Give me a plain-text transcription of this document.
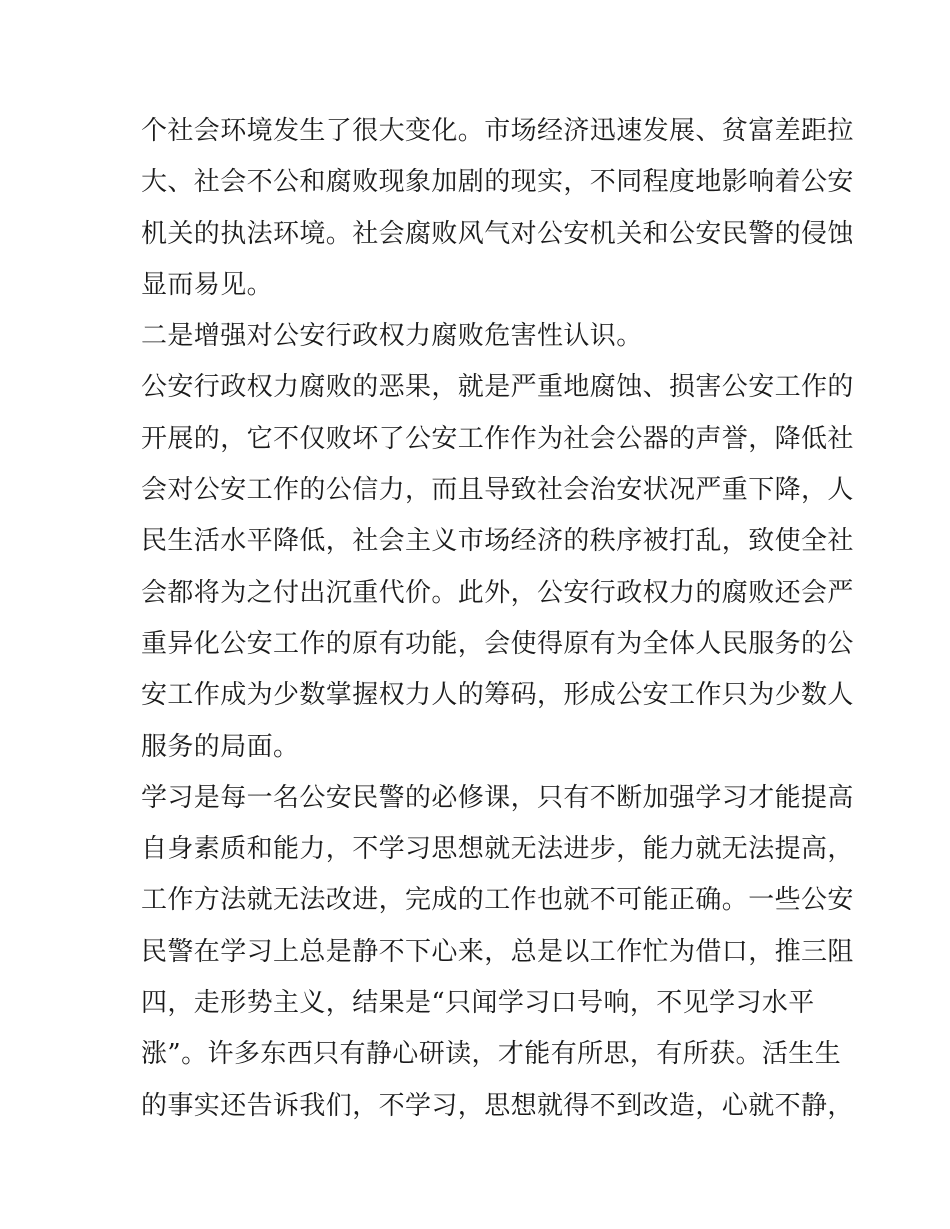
个社会环境发生了很大变化。市场经济迅速发展、贫富差距拉
大、社会不公和腐败现象加剧的现实，不同程度地影响着公安
机关的执法环境。社会腐败风气对公安机关和公安民警的侵蚀
显而易见。
二是增强对公安行政权力腐败危害性认识。
公安行政权力腐败的恶果，就是严重地腐蚀、损害公安工作的
开展的，它不仅败坏了公安工作作为社会公器的声誉，降低社
会对公安工作的公信力，而且导致社会治安状况严重下降，人
民生活水平降低，社会主义市场经济的秩序被打乱，致使全社
会都将为之付出沉重代价。此外，公安行政权力的腐败还会严
重异化公安工作的原有功能，会使得原有为全体人民服务的公
安工作成为少数掌握权力人的筹码，形成公安工作只为少数人
服务的局面。
学习是每一名公安民警的必修课，只有不断加强学习才能提高
自身素质和能力，不学习思想就无法进步，能力就无法提高，
工作方法就无法改进，完成的工作也就不可能正确。一些公安
民警在学习上总是静不下心来，总是以工作忙为借口，推三阻
四，走形势主义，结果是“只闻学习口号响，不见学习水平
涨”。许多东西只有静心研读，才能有所思，有所获。活生生
的事实还告诉我们，不学习，思想就得不到改造，心就不静，
